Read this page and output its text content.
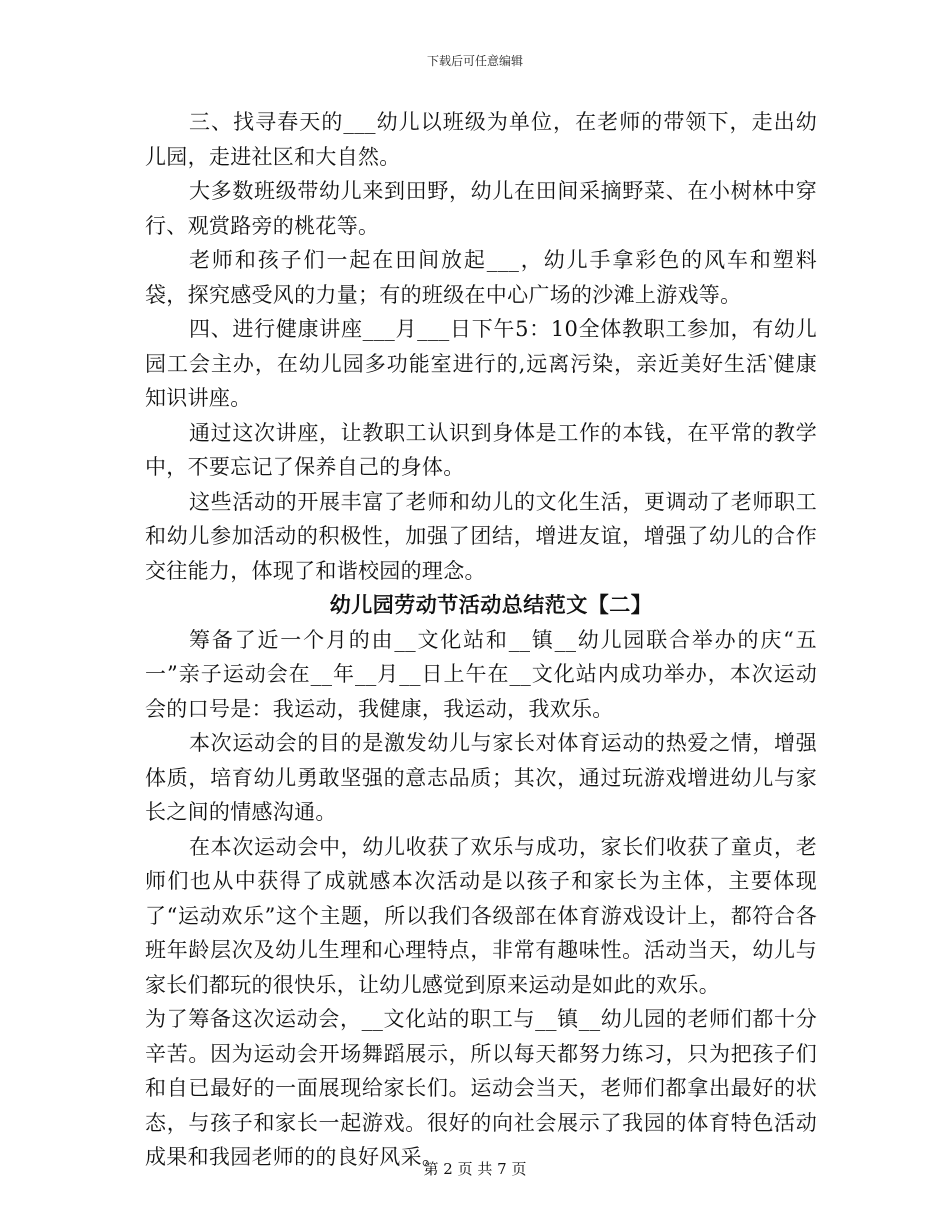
下载后可任意编辑

三、找寻春天的___幼儿以班级为单位，在老师的带领下，走出幼儿园，走进社区和大自然。

大多数班级带幼儿来到田野，幼儿在田间采摘野菜、在小树林中穿行、观赏路旁的桃花等。

老师和孩子们一起在田间放起___，幼儿手拿彩色的风车和塑料袋，探究感受风的力量；有的班级在中心广场的沙滩上游戏等。

四、进行健康讲座___月___日下午5：10全体教职工参加，有幼儿园工会主办，在幼儿园多功能室进行的,远离污染，亲近美好生活‵健康知识讲座。

通过这次讲座，让教职工认识到身体是工作的本钱，在平常的教学中，不要忘记了保养自己的身体。

这些活动的开展丰富了老师和幼儿的文化生活，更调动了老师职工和幼儿参加活动的积极性，加强了团结，增进友谊，增强了幼儿的合作交往能力，体现了和谐校园的理念。

幼儿园劳动节活动总结范文【二】

筹备了近一个月的由__文化站和__镇__幼儿园联合举办的庆“五一”亲子运动会在__年__月__日上午在__文化站内成功举办，本次运动会的口号是：我运动，我健康，我运动，我欢乐。

本次运动会的目的是激发幼儿与家长对体育运动的热爱之情，增强体质，培育幼儿勇敢坚强的意志品质；其次，通过玩游戏增进幼儿与家长之间的情感沟通。

在本次运动会中，幼儿收获了欢乐与成功，家长们收获了童贞，老师们也从中获得了成就感本次活动是以孩子和家长为主体，主要体现了“运动欢乐”这个主题，所以我们各级部在体育游戏设计上，都符合各班年龄层次及幼儿生理和心理特点，非常有趣味性。活动当天，幼儿与家长们都玩的很快乐，让幼儿感觉到原来运动是如此的欢乐。

为了筹备这次运动会，__文化站的职工与__镇__幼儿园的老师们都十分辛苦。因为运动会开场舞蹈展示，所以每天都努力练习，只为把孩子们和自已最好的一面展现给家长们。运动会当天，老师们都拿出最好的状态，与孩子和家长一起游戏。很好的向社会展示了我园的体育特色活动成果和我园老师的的良好风采。

第 2 页 共 7 页
